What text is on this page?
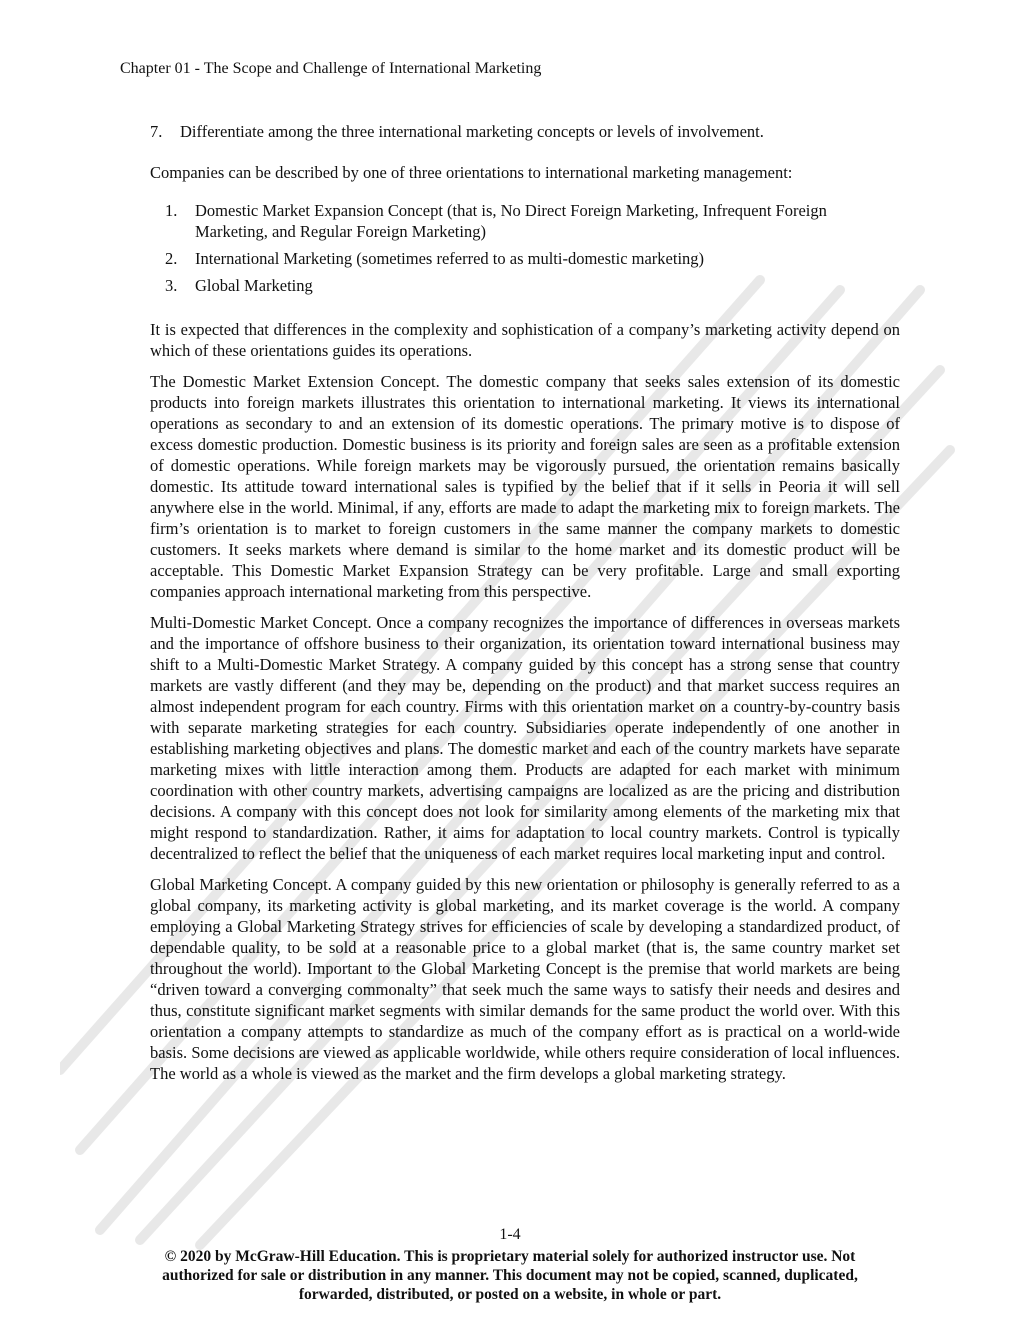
Chapter 01 - The Scope and Challenge of International Marketing
7. Differentiate among the three international marketing concepts or levels of involvement.
Companies can be described by one of three orientations to international marketing management:
1.	Domestic Market Expansion Concept (that is, No Direct Foreign Marketing, Infrequent Foreign Marketing, and Regular Foreign Marketing)
2.	International Marketing (sometimes referred to as multi-domestic marketing)
3.	Global Marketing

It is expected that differences in the complexity and sophistication of a company’s marketing activity depend on which of these orientations guides its operations.

The Domestic Market Extension Concept. The domestic company that seeks sales extension of its domestic products into foreign markets illustrates this orientation to international marketing. It views its international operations as secondary to and an extension of its domestic operations. The primary motive is to dispose of excess domestic production. Domestic business is its priority and foreign sales are seen as a profitable extension of domestic operations. While foreign markets may be vigorously pursued, the orientation remains basically domestic. Its attitude toward international sales is typified by the belief that if it sells in Peoria it will sell anywhere else in the world. Minimal, if any, efforts are made to adapt the marketing mix to foreign markets. The firm’s orientation is to market to foreign customers in the same manner the company markets to domestic customers. It seeks markets where demand is similar to the home market and its domestic product will be acceptable. This Domestic Market Expansion Strategy can be very profitable. Large and small exporting companies approach international marketing from this perspective.

Multi-Domestic Market Concept. Once a company recognizes the importance of differences in overseas markets and the importance of offshore business to their organization, its orientation toward international business may shift to a Multi-Domestic Market Strategy. A company guided by this concept has a strong sense that country markets are vastly different (and they may be, depending on the product) and that market success requires an almost independent program for each country. Firms with this orientation market on a country-by-country basis with separate marketing strategies for each country. Subsidiaries operate independently of one another in establishing marketing objectives and plans. The domestic market and each of the country markets have separate marketing mixes with little interaction among them. Products are adapted for each market with minimum coordination with other country markets, advertising campaigns are localized as are the pricing and distribution decisions. A company with this concept does not look for similarity among elements of the marketing mix that might respond to standardization. Rather, it aims for adaptation to local country markets. Control is typically decentralized to reflect the belief that the uniqueness of each market requires local marketing input and control.

Global Marketing Concept. A company guided by this new orientation or philosophy is generally referred to as a global company, its marketing activity is global marketing, and its market coverage is the world. A company employing a Global Marketing Strategy strives for efficiencies of scale by developing a standardized product, of dependable quality, to be sold at a reasonable price to a global market (that is, the same country market set throughout the world). Important to the Global Marketing Concept is the premise that world markets are being “driven toward a converging commonalty” that seek much the same ways to satisfy their needs and desires and thus, constitute significant market segments with similar demands for the same product the world over. With this orientation a company attempts to standardize as much of the company effort as is practical on a world-wide basis. Some decisions are viewed as applicable worldwide, while others require consideration of local influences. The world as a whole is viewed as the market and the firm develops a global marketing strategy.

1-4
© 2020 by McGraw-Hill Education. This is proprietary material solely for authorized instructor use. Not
authorized for sale or distribution in any manner. This document may not be copied, scanned, duplicated,
forwarded, distributed, or posted on a website, in whole or part.
